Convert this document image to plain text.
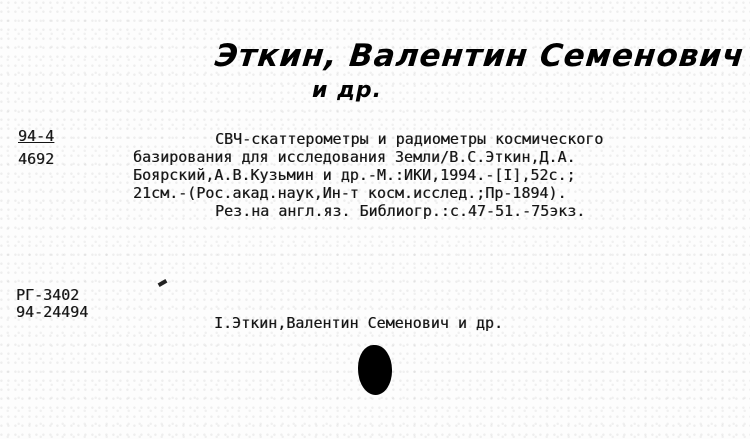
Эткин, Валентин Семенович
и др.
94-4
4692
СВЧ-скаттерометры и радиометры космического
базирования для исследования Земли/В.С.Эткин,Д.А.
Боярский,А.В.Кузьмин и др.-М.:ИКИ,1994.-[I],52с.;
21см.-(Рос.акад.наук,Ин-т косм.исслед.;Пр-1894).
Рез.на англ.яз. Библиогр.:с.47-51.-75экз.
РГ-3402
94-24494
I.Эткин,Валентин Семенович и др.
